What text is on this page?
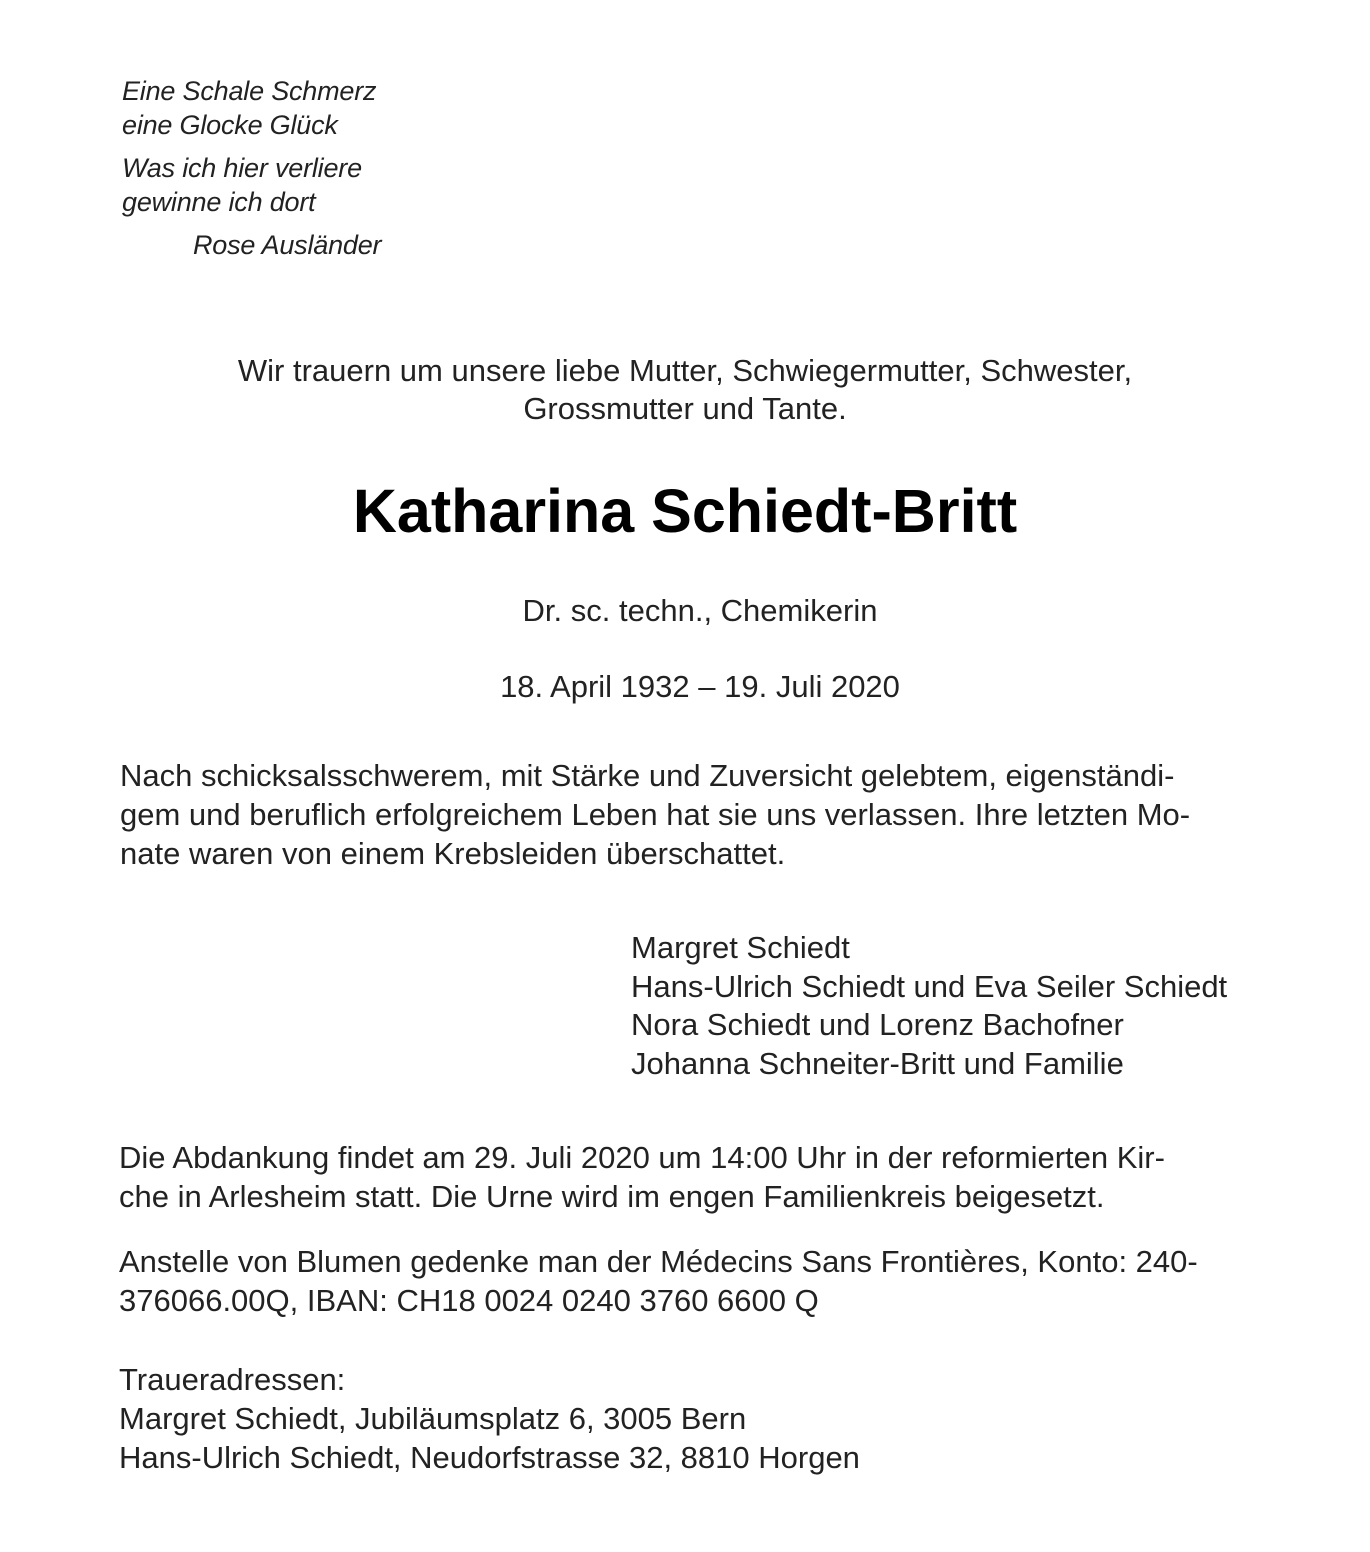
Eine Schale Schmerz
eine Glocke Glück
Was ich hier verliere
gewinne ich dort
Rose Ausländer
Wir trauern um unsere liebe Mutter, Schwiegermutter, Schwester,
Grossmutter und Tante.
Katharina Schiedt-Britt
Dr. sc. techn., Chemikerin
18. April 1932 – 19. Juli 2020
Nach schicksalsschwerem, mit Stärke und Zuversicht gelebtem, eigenständi-
gem und beruflich erfolgreichem Leben hat sie uns verlassen. Ihre letzten Mo-
nate waren von einem Krebsleiden überschattet.
Margret Schiedt
Hans-Ulrich Schiedt und Eva Seiler Schiedt
Nora Schiedt und Lorenz Bachofner
Johanna Schneiter-Britt und Familie
Die Abdankung findet am 29. Juli 2020 um 14:00 Uhr in der reformierten Kir-
che in Arlesheim statt. Die Urne wird im engen Familienkreis beigesetzt.
Anstelle von Blumen gedenke man der Médecins Sans Frontières, Konto: 240-
376066.00Q, IBAN: CH18 0024 0240 3760 6600 Q
Traueradressen:
Margret Schiedt, Jubiläumsplatz 6, 3005 Bern
Hans-Ulrich Schiedt, Neudorfstrasse 32, 8810 Horgen
